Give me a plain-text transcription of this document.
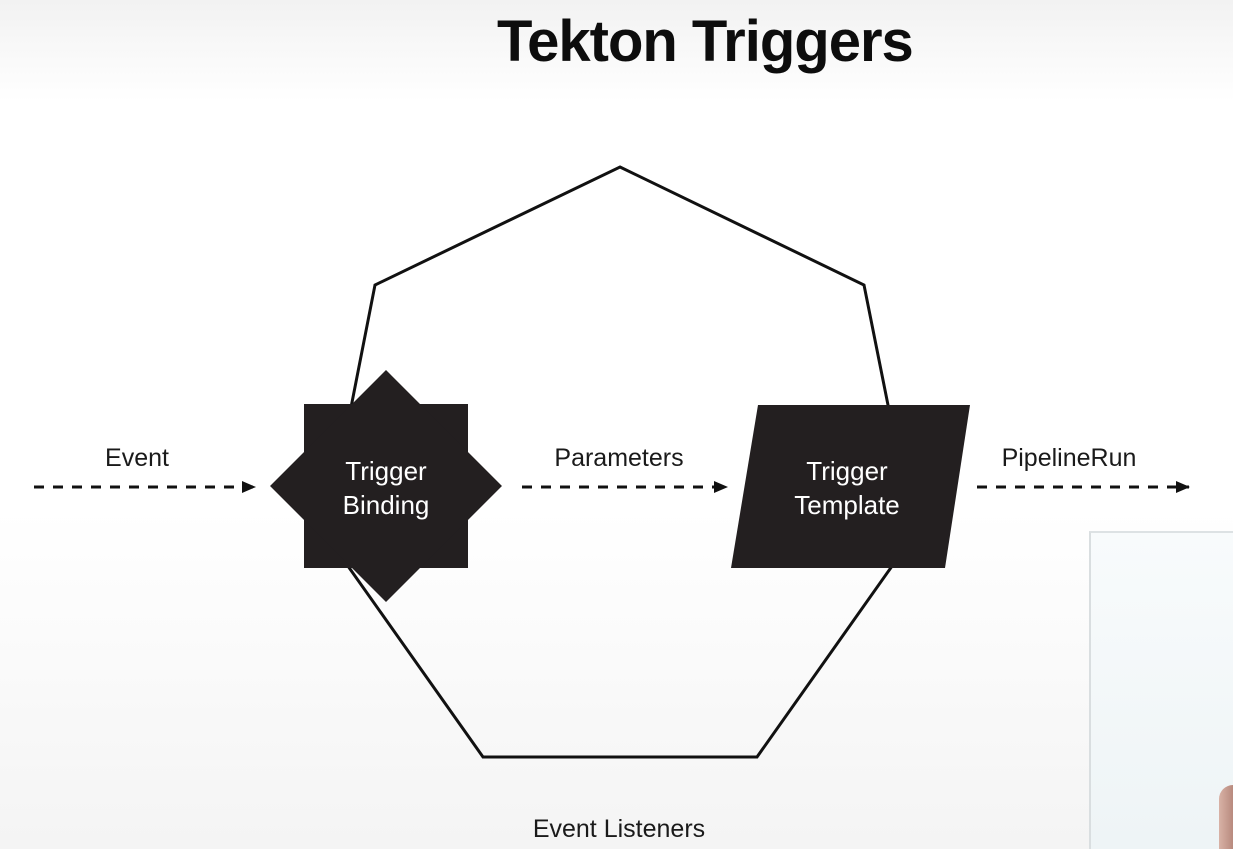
Tekton Triggers
Event	Trigger
Binding
Parameters	Trigger
Template
PipelineRun
Event Listeners
